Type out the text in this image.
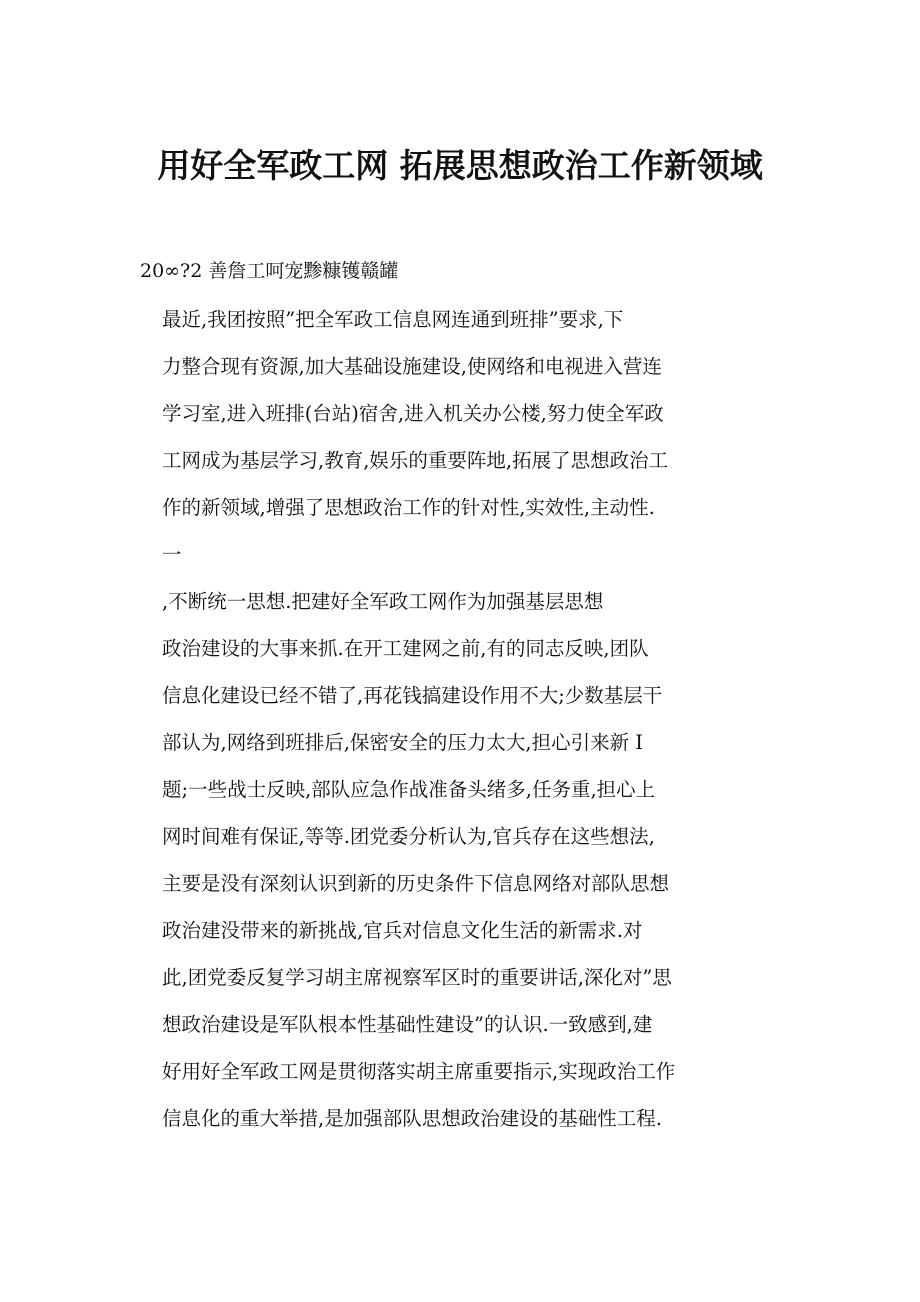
用好全军政工网 拓展思想政治工作新领域
20∞?2 善詹工呵宠黪糠镬赣罐
最近,我团按照”把全军政工信息网连通到班排”要求,下
力整合现有资源,加大基础设施建设,使网络和电视进入营连
学习室,进入班排(台站)宿舍,进入机关办公楼,努力使全军政
工网成为基层学习,教育,娱乐的重要阵地,拓展了思想政治工
作的新领域,增强了思想政治工作的针对性,实效性,主动性.
一
,不断统一思想.把建好全军政工网作为加强基层思想
政治建设的大事来抓.在开工建网之前,有的同志反映,团队
信息化建设已经不错了,再花钱搞建设作用不大;少数基层干
部认为,网络到班排后,保密安全的压力太大,担心引来新 I
题;一些战士反映,部队应急作战准备头绪多,任务重,担心上
网时间难有保证,等等.团党委分析认为,官兵存在这些想法,
主要是没有深刻认识到新的历史条件下信息网络对部队思想
政治建没带来的新挑战,官兵对信息文化生活的新需求.对
此,团党委反复学习胡主席视察军区时的重要讲话,深化对”思
想政治建设是军队根本性基础性建设”的认识.一致感到,建
好用好全军政工网是贯彻落实胡主席重要指示,实现政治工作
信息化的重大举措,是加强部队思想政治建设的基础性工程.
